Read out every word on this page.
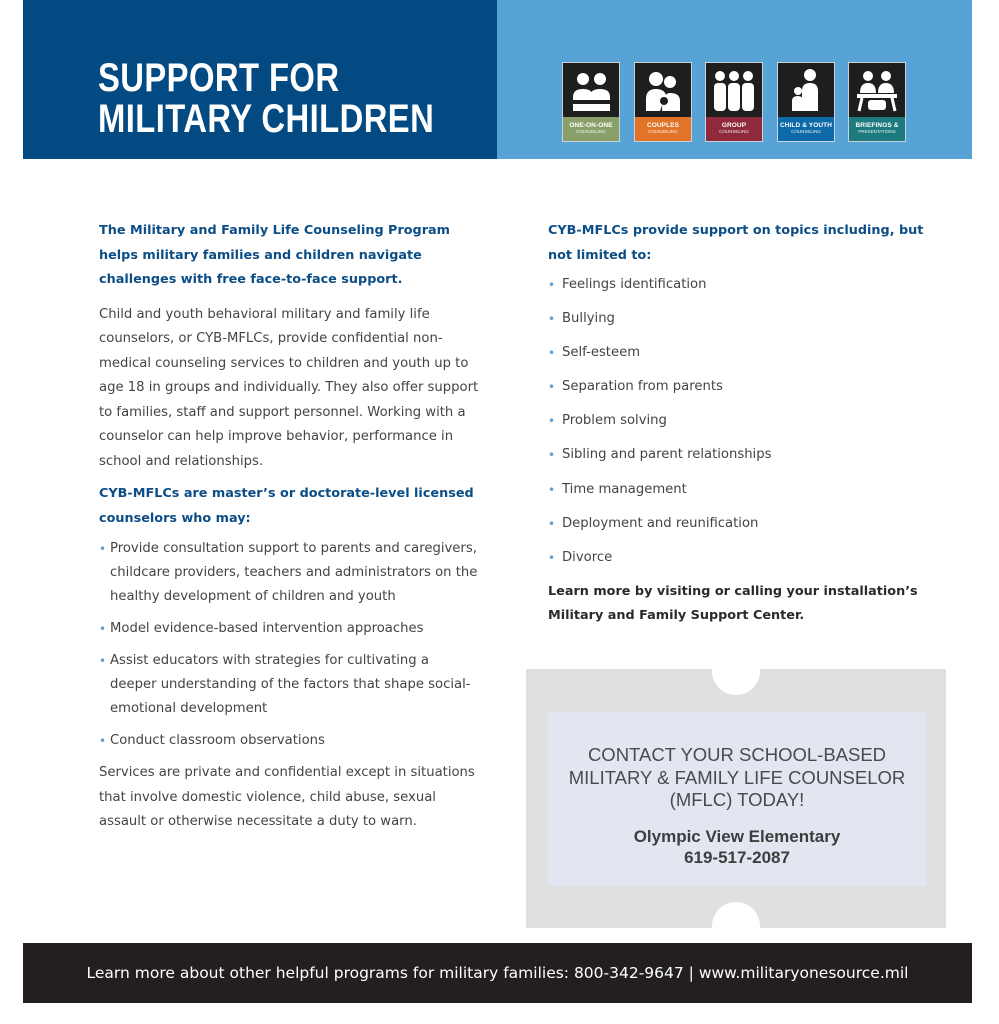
SUPPORT FOR
MILITARY CHILDREN	ONE-ON-ONE
COUNSELING
COUPLES
COUNSELING
GROUP
COUNSELING
CHILD & YOUTH
COUNSELING
BRIEFINGS &
PRESENTATIONS

The Military and Family Life Counseling Program helps military families and children navigate challenges with free face-to-face support.

Child and youth behavioral military and family life counselors, or CYB-MFLCs, provide confidential non-medical counseling services to children and youth up to age 18 in groups and individually. They also offer support to families, staff and support personnel. Working with a counselor can help improve behavior, performance in school and relationships.

CYB-MFLCs are master’s or doctorate-level licensed counselors who may:

• Provide consultation support to parents and caregivers, childcare providers, teachers and administrators on the healthy development of children and youth
• Model evidence-based intervention approaches
• Assist educators with strategies for cultivating a deeper understanding of the factors that shape social-emotional development
• Conduct classroom observations

Services are private and confidential except in situations that involve domestic violence, child abuse, sexual assault or otherwise necessitate a duty to warn.

CYB-MFLCs provide support on topics including, but not limited to:

• Feelings identification
• Bullying
• Self-esteem
• Separation from parents
• Problem solving
• Sibling and parent relationships
• Time management
• Deployment and reunification
• Divorce

Learn more by visiting or calling your installation’s Military and Family Support Center.

CONTACT YOUR SCHOOL-BASED MILITARY & FAMILY LIFE COUNSELOR (MFLC) TODAY!

Olympic View Elementary

619-517-2087

Learn more about other helpful programs for military families: 800-342-9647 | www.militaryonesource.mil
